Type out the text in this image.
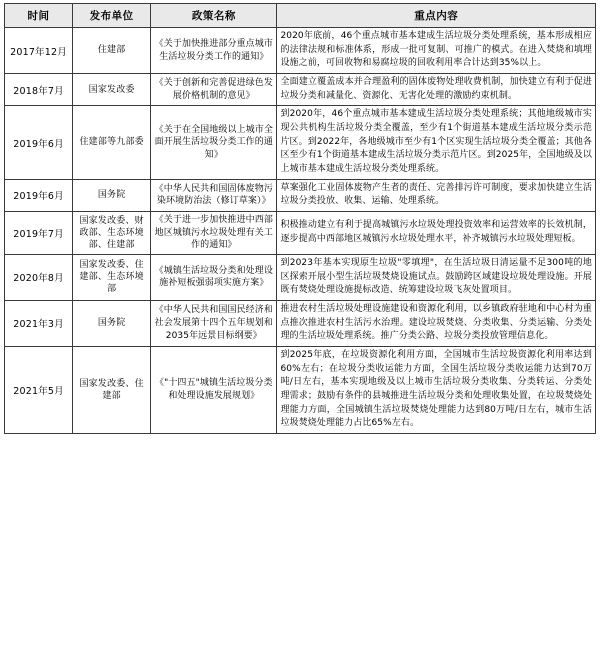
时间	发布单位	政策名称	重点内容
2017年12月	住建部	《关于加快推进部分重点城市生活垃圾分类工作的通知》	2020年底前，46个重点城市基本建成生活垃圾分类处理系统，基本形成相应的法律法规和标准体系，形成一批可复制、可推广的模式。在进入焚烧和填埋设施之前，可回收物和易腐垃圾的回收利用率合计达到35%以上。
2018年7月	国家发改委	《关于创新和完善促进绿色发展价格机制的意见》	全面建立覆盖成本并合理盈利的固体废物处理收费机制，加快建立有利于促进垃圾分类和减量化、资源化、无害化处理的激励约束机制。
2019年6月	住建部等九部委	《关于在全国地级以上城市全面开展生活垃圾分类工作的通知》	到2020年，46个重点城市基本建成生活垃圾分类处理系统；其他地级城市实现公共机构生活垃圾分类全覆盖，至少有1个街道基本建成生活垃圾分类示范片区。到2022年，各地级城市至少有1个区实现生活垃圾分类全覆盖；其他各区至少有1个街道基本建成生活垃圾分类示范片区。到2025年，全国地级及以上城市基本建成生活垃圾分类处理系统。
2019年6月	国务院	《中华人民共和国固体废物污染环境防治法（修订草案）》	草案强化工业固体废物产生者的责任、完善排污许可制度，要求加快建立生活垃圾分类投放、收集、运输、处理系统。
2019年7月	国家发改委、财政部、生态环境部、住建部	《关于进一步加快推进中西部地区城镇污水垃圾处理有关工作的通知》	积极推动建立有利于提高城镇污水垃圾处理投资效率和运营效率的长效机制，逐步提高中西部地区城镇污水垃圾处理水平，补齐城镇污水垃圾处理短板。
2020年8月	国家发改委、住建部、生态环境部	《城镇生活垃圾分类和处理设施补短板强弱项实施方案》	到2023年基本实现原生垃圾"零填埋"，在生活垃圾日清运量不足300吨的地区探索开展小型生活垃圾焚烧设施试点。鼓励跨区域建设垃圾处理设施。开展既有焚烧处理设施提标改造、统筹建设垃圾飞灰处置项目。
2021年3月	国务院	《中华人民共和国国民经济和社会发展第十四个五年规划和2035年远景目标纲要》	推进农村生活垃圾处理设施建设和资源化利用，以乡镇政府驻地和中心村为重点推次推进农村生活污水治理。建设垃圾焚烧、分类收集、分类运输、分类处理的生活垃圾处理系统。推广分类公路、垃圾分类投放管理信息化。
2021年5月	国家发改委、住建部	《"十四五"城镇生活垃圾分类和处理设施发展规划》	到2025年底，在垃圾资源化利用方面，全国城市生活垃圾资源化利用率达到60%左右；在垃圾分类收运能力方面，全国生活垃圾分类收运能力达到70万吨/日左右，基本实现地级及以上城市生活垃圾分类收集、分类转运、分类处理需求；鼓励有条件的县城推进生活垃圾分类和处理收集处置，在垃圾焚烧处理能力方面，全国城镇生活垃圾焚烧处理能力达到80万吨/日左右，城市生活垃圾焚烧处理能力占比65%左右。
